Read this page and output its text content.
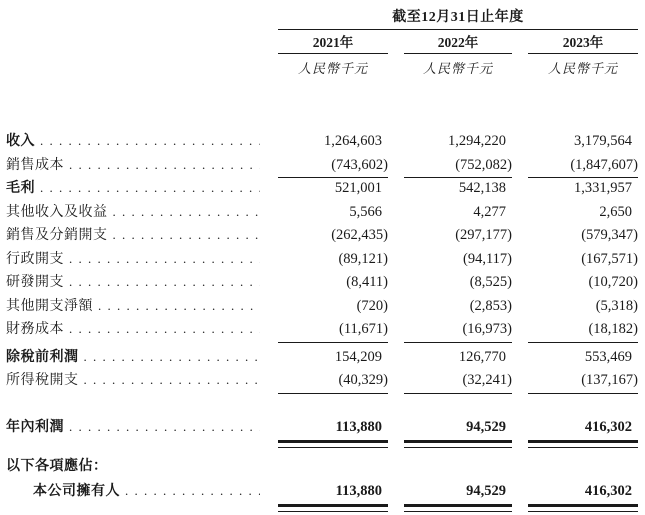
截至12月31日止年度
2021年	2022年	2023年
人民幣千元	人民幣千元	人民幣千元
收入 . . .	1,264,603	1,294,220	3,179,564
銷售成本 . . .	(743,602)	(752,082)	(1,847,607)
毛利 . . .	521,001	542,138	1,331,957
其他收入及收益 . . .	5,566	4,277	2,650
銷售及分銷開支 . . .	(262,435)	(297,177)	(579,347)
行政開支 . . .	(89,121)	(94,117)	(167,571)
研發開支 . . .	(8,411)	(8,525)	(10,720)
其他開支淨額 . . .	(720)	(2,853)	(5,318)
財務成本 . . .	(11,671)	(16,973)	(18,182)
除稅前利潤 . . .	154,209	126,770	553,469
所得稅開支 . . .	(40,329)	(32,241)	(137,167)
年內利潤 . . .	113,880	94,529	416,302
以下各項應佔：
本公司擁有人 . . .	113,880	94,529	416,302
